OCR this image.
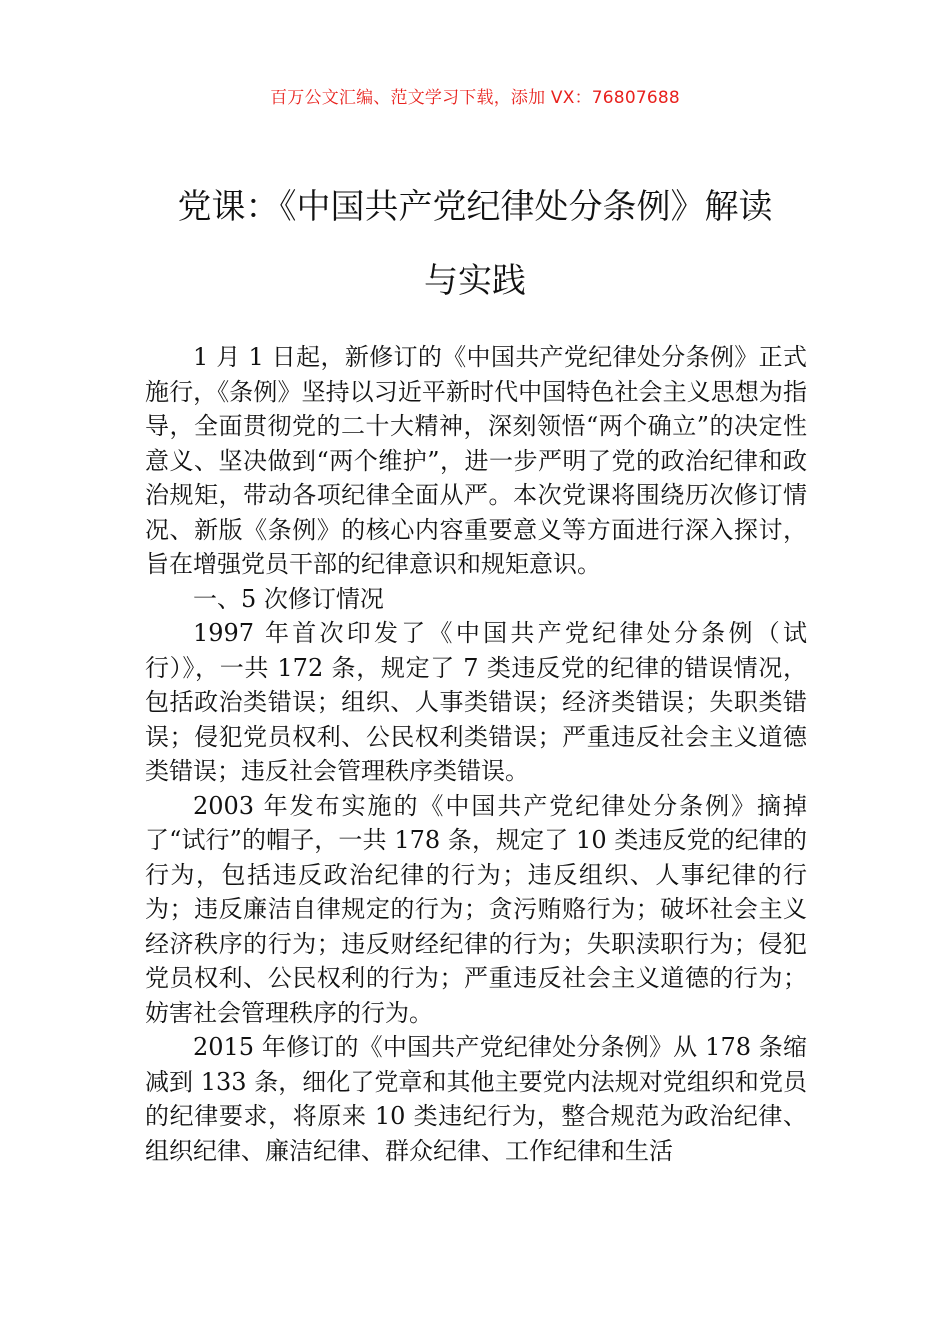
百万公文汇编、范文学习下载，添加 VX：76807688
党课：《中国共产党纪律处分条例》解读
与实践

1 月 1 日起，新修订的《中国共产党纪律处分条例》正式施行，《条例》坚持以习近平新时代中国特色社会主义思想为指导，全面贯彻党的二十大精神，深刻领悟“两个确立”的决定性意义、坚决做到“两个维护”，进一步严明了党的政治纪律和政治规矩，带动各项纪律全面从严。本次党课将围绕历次修订情况、新版《条例》的核心内容重要意义等方面进行深入探讨，旨在增强党员干部的纪律意识和规矩意识。

一、5 次修订情况

1997 年首次印发了《中国共产党纪律处分条例（试行）》，一共 172 条，规定了 7 类违反党的纪律的错误情况，包括政治类错误；组织、人事类错误；经济类错误；失职类错误；侵犯党员权利、公民权利类错误；严重违反社会主义道德类错误；违反社会管理秩序类错误。

2003 年发布实施的《中国共产党纪律处分条例》摘掉了“试行”的帽子，一共 178 条，规定了 10 类违反党的纪律的行为，包括违反政治纪律的行为；违反组织、人事纪律的行为；违反廉洁自律规定的行为；贪污贿赂行为；破坏社会主义经济秩序的行为；违反财经纪律的行为；失职渎职行为；侵犯党员权利、公民权利的行为；严重违反社会主义道德的行为；妨害社会管理秩序的行为。

2015 年修订的《中国共产党纪律处分条例》从 178 条缩减到 133 条，细化了党章和其他主要党内法规对党组织和党员的纪律要求，将原来 10 类违纪行为，整合规范为政治纪律、组织纪律、廉洁纪律、群众纪律、工作纪律和生活
